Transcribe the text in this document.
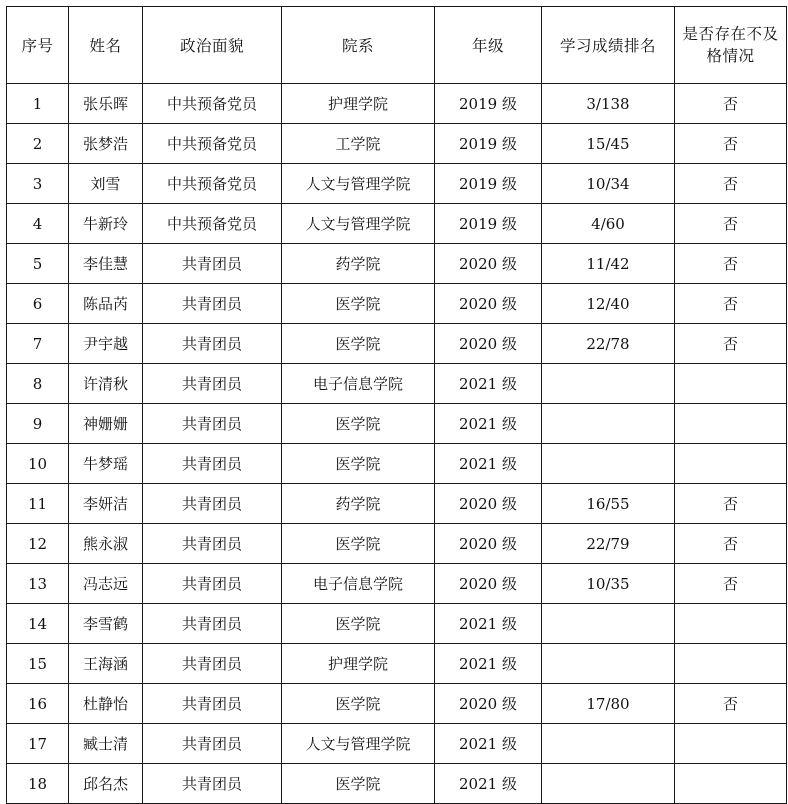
序号	姓名	政治面貌	院系	年级	学习成绩排名	是否存在不及格情况
1	张乐晖	中共预备党员	护理学院	2019 级	3/138	否
2	张梦浩	中共预备党员	工学院	2019 级	15/45	否
3	刘雪	中共预备党员	人文与管理学院	2019 级	10/34	否
4	牛新玲	中共预备党员	人文与管理学院	2019 级	4/60	否
5	李佳慧	共青团员	药学院	2020 级	11/42	否
6	陈品芮	共青团员	医学院	2020 级	12/40	否
7	尹宇越	共青团员	医学院	2020 级	22/78	否
8	许清秋	共青团员	电子信息学院	2021 级		
9	神姗姗	共青团员	医学院	2021 级		
10	牛梦瑶	共青团员	医学院	2021 级		
11	李妍洁	共青团员	药学院	2020 级	16/55	否
12	熊永淑	共青团员	医学院	2020 级	22/79	否
13	冯志远	共青团员	电子信息学院	2020 级	10/35	否
14	李雪鹤	共青团员	医学院	2021 级		
15	王海涵	共青团员	护理学院	2021 级		
16	杜静怡	共青团员	医学院	2020 级	17/80	否
17	臧士清	共青团员	人文与管理学院	2021 级		
18	邱名杰	共青团员	医学院	2021 级		
